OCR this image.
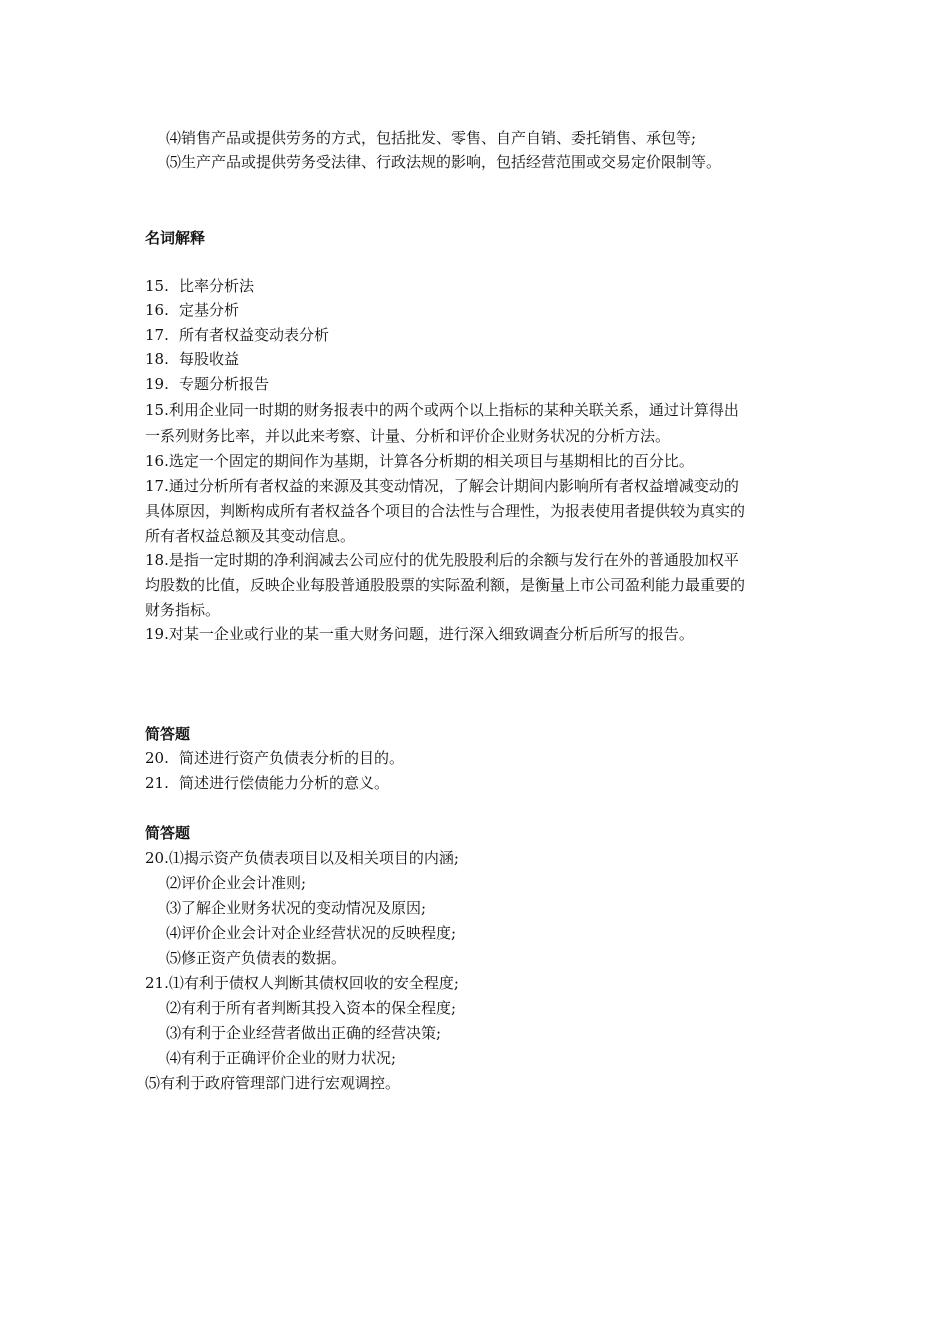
⑷销售产品或提供劳务的方式，包括批发、零售、自产自销、委托销售、承包等;
⑸生产产品或提供劳务受法律、行政法规的影响，包括经营范围或交易定价限制等。
名词解释
15. 比率分析法
16. 定基分析
17. 所有者权益变动表分析
18. 每股收益
19. 专题分析报告
15.利用企业同一时期的财务报表中的两个或两个以上指标的某种关联关系，通过计算得出
一系列财务比率，并以此来考察、计量、分析和评价企业财务状况的分析方法。
16.选定一个固定的期间作为基期，计算各分析期的相关项目与基期相比的百分比。
17.通过分析所有者权益的来源及其变动情况，了解会计期间内影响所有者权益增减变动的
具体原因，判断构成所有者权益各个项目的合法性与合理性，为报表使用者提供较为真实的
所有者权益总额及其变动信息。
18.是指一定时期的净利润减去公司应付的优先股股利后的余额与发行在外的普通股加权平
均股数的比值，反映企业每股普通股股票的实际盈利额，是衡量上市公司盈利能力最重要的
财务指标。
19.对某一企业或行业的某一重大财务问题，进行深入细致调查分析后所写的报告。
简答题
20. 简述进行资产负债表分析的目的。
21. 简述进行偿债能力分析的意义。
简答题
20.⑴揭示资产负债表项目以及相关项目的内涵;
⑵评价企业会计准则;
⑶了解企业财务状况的变动情况及原因;
⑷评价企业会计对企业经营状况的反映程度;
⑸修正资产负债表的数据。
21.⑴有利于债权人判断其债权回收的安全程度;
⑵有利于所有者判断其投入资本的保全程度;
⑶有利于企业经营者做出正确的经营决策;
⑷有利于正确评价企业的财力状况;
⑸有利于政府管理部门进行宏观调控。
